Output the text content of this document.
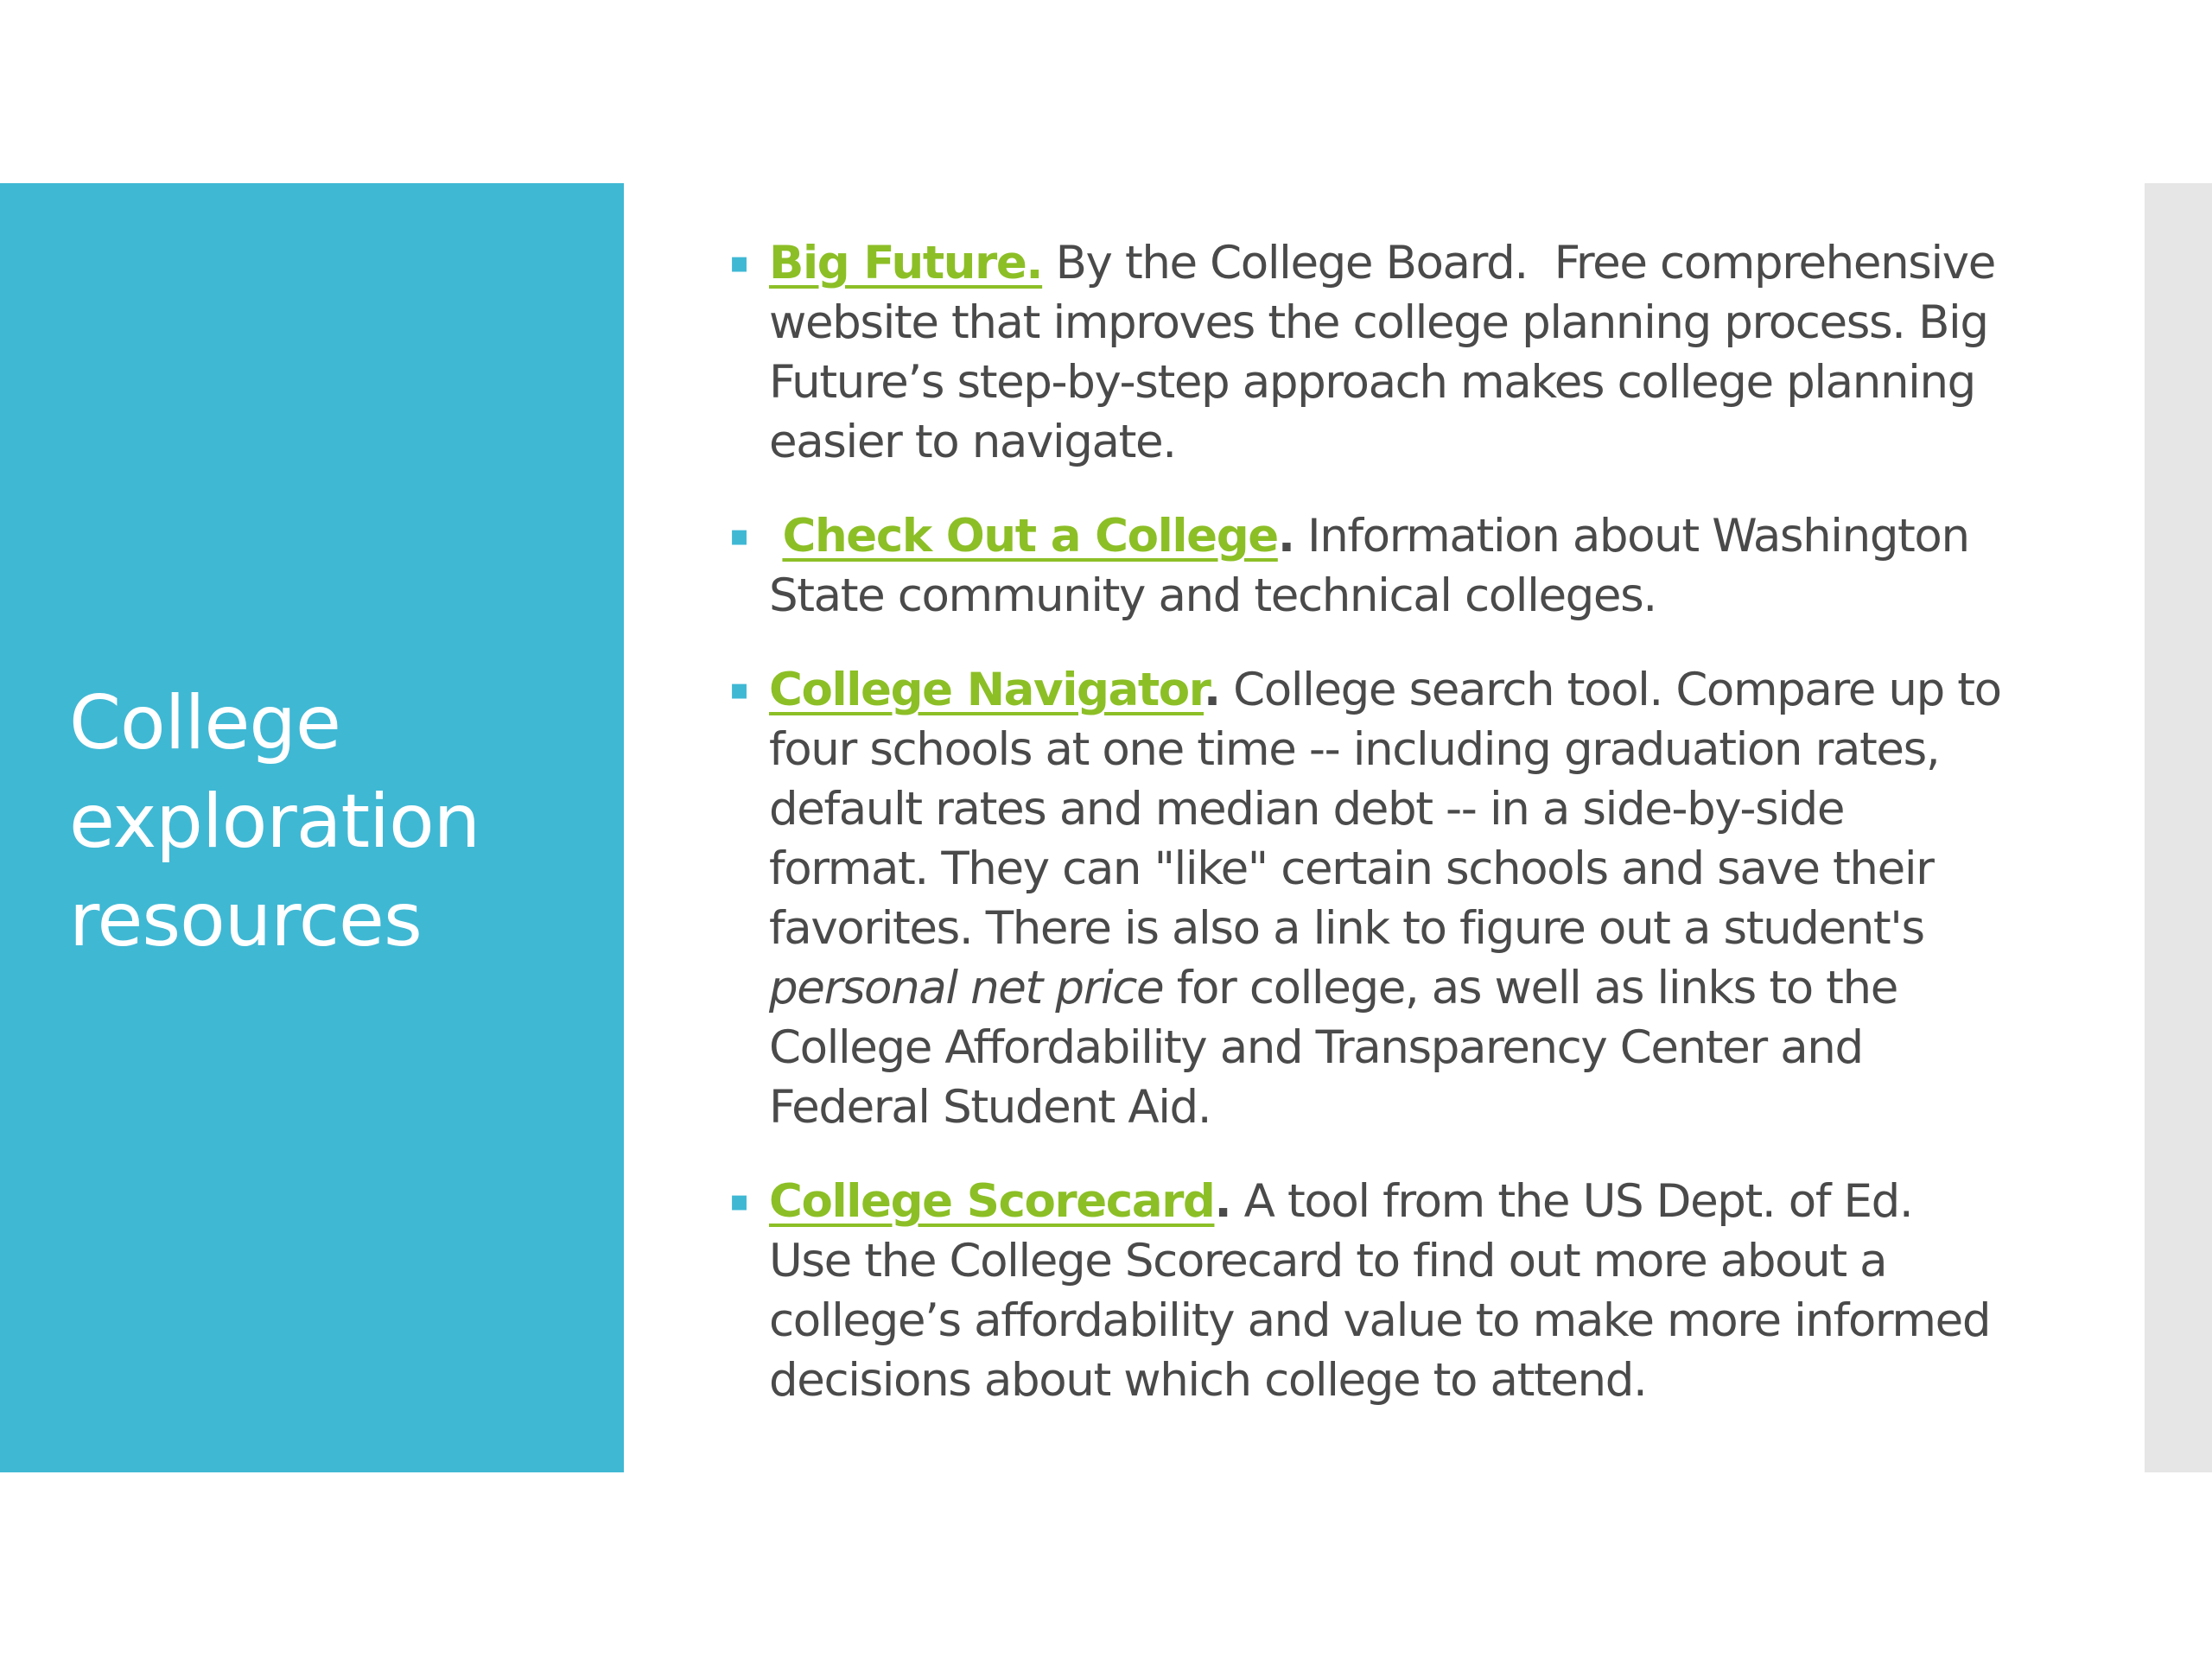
College exploration resources
▪ Big Future. By the College Board.  Free comprehensive website that improves the college planning process. Big Future’s step-by-step approach makes college planning easier to navigate.
▪ Check Out a College. Information about Washington State community and technical colleges.
▪ College Navigator. College search tool. Compare up to four schools at one time -- including graduation rates, default rates and median debt -- in a side-by-side format. They can "like" certain schools and save their favorites. There is also a link to figure out a student's personal net price for college, as well as links to the College Affordability and Transparency Center and Federal Student Aid.
▪ College Scorecard. A tool from the US Dept. of Ed. Use the College Scorecard to find out more about a college’s affordability and value to make more informed decisions about which college to attend.
